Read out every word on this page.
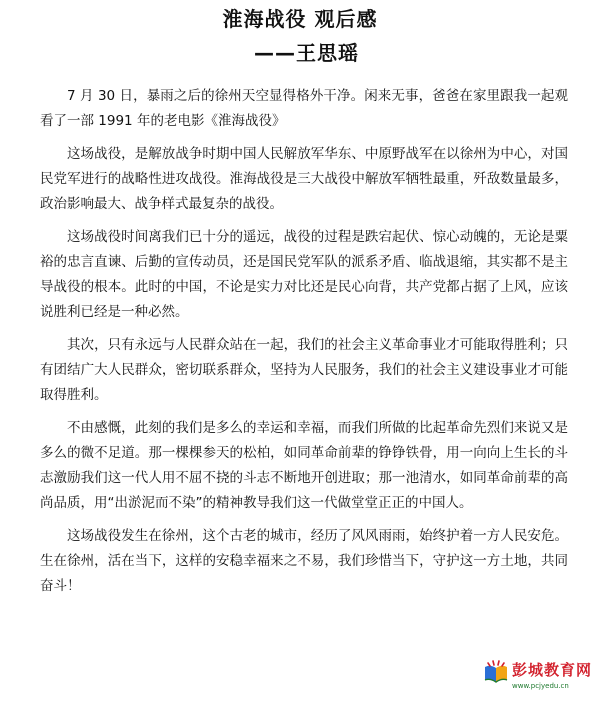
淮海战役 观后感
——王思瑶

7 月 30 日，暴雨之后的徐州天空显得格外干净。闲来无事，爸爸在家里跟我一起观看了一部 1991 年的老电影《淮海战役》

这场战役，是解放战争时期中国人民解放军华东、中原野战军在以徐州为中心，对国民党军进行的战略性进攻战役。淮海战役是三大战役中解放军牺牲最重，歼敌数量最多，政治影响最大、战争样式最复杂的战役。

这场战役时间离我们已十分的遥远，战役的过程是跌宕起伏、惊心动魄的，无论是粟裕的忠言直谏、后勤的宣传动员，还是国民党军队的派系矛盾、临战退缩，其实都不是主导战役的根本。此时的中国，不论是实力对比还是民心向背，共产党都占据了上风，应该说胜利已经是一种必然。

其次，只有永远与人民群众站在一起，我们的社会主义革命事业才可能取得胜利；只有团结广大人民群众，密切联系群众，坚持为人民服务，我们的社会主义建设事业才可能取得胜利。

不由感慨，此刻的我们是多么的幸运和幸福，而我们所做的比起革命先烈们来说又是多么的微不足道。那一棵棵参天的松柏，如同革命前辈的铮铮铁骨，用一向向上生长的斗志激励我们这一代人用不屈不挠的斗志不断地开创进取；那一池清水，如同革命前辈的高尚品质，用“出淤泥而不染”的精神教导我们这一代做堂堂正正的中国人。

这场战役发生在徐州，这个古老的城市，经历了风风雨雨，始终护着一方人民安危。生在徐州，活在当下，这样的安稳幸福来之不易，我们珍惜当下，守护这一方土地，共同奋斗！

彭城教育网
www.pcjyedu.cn
